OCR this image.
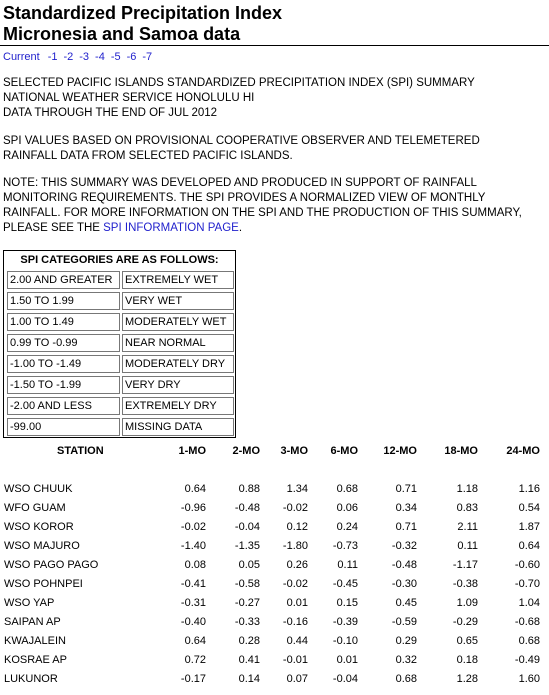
Standardized Precipitation Index
Micronesia and Samoa data
Current -1 -2 -3 -4 -5 -6 -7

SELECTED PACIFIC ISLANDS STANDARDIZED PRECIPITATION INDEX (SPI) SUMMARY
NATIONAL WEATHER SERVICE HONOLULU HI
DATA THROUGH THE END OF JUL 2012

SPI VALUES BASED ON PROVISIONAL COOPERATIVE OBSERVER AND TELEMETERED
RAINFALL DATA FROM SELECTED PACIFIC ISLANDS.

NOTE: THIS SUMMARY WAS DEVELOPED AND PRODUCED IN SUPPORT OF RAINFALL
MONITORING REQUIREMENTS. THE SPI PROVIDES A NORMALIZED VIEW OF MONTHLY
RAINFALL. FOR MORE INFORMATION ON THE SPI AND THE PRODUCTION OF THIS SUMMARY,
PLEASE SEE THE SPI INFORMATION PAGE.

SPI CATEGORIES ARE AS FOLLOWS:
2.00 AND GREATER	EXTREMELY WET
1.50 TO 1.99	VERY WET
1.00 TO 1.49	MODERATELY WET
0.99 TO -0.99	NEAR NORMAL
-1.00 TO -1.49	MODERATELY DRY
-1.50 TO -1.99	VERY DRY
-2.00 AND LESS	EXTREMELY DRY
-99.00	MISSING DATA
STATION	1-MO	2-MO	3-MO	6-MO	12-MO	18-MO	24-MO
WSO CHUUK	0.64	0.88	1.34	0.68	0.71	1.18	1.16
WFO GUAM	-0.96	-0.48	-0.02	0.06	0.34	0.83	0.54
WSO KOROR	-0.02	-0.04	0.12	0.24	0.71	2.11	1.87
WSO MAJURO	-1.40	-1.35	-1.80	-0.73	-0.32	0.11	0.64
WSO PAGO PAGO	0.08	0.05	0.26	0.11	-0.48	-1.17	-0.60
WSO POHNPEI	-0.41	-0.58	-0.02	-0.45	-0.30	-0.38	-0.70
WSO YAP	-0.31	-0.27	0.01	0.15	0.45	1.09	1.04
SAIPAN AP	-0.40	-0.33	-0.16	-0.39	-0.59	-0.29	-0.68
KWAJALEIN	0.64	0.28	0.44	-0.10	0.29	0.65	0.68
KOSRAE AP	0.72	0.41	-0.01	0.01	0.32	0.18	-0.49
LUKUNOR	-0.17	0.14	0.07	-0.04	0.68	1.28	1.60
